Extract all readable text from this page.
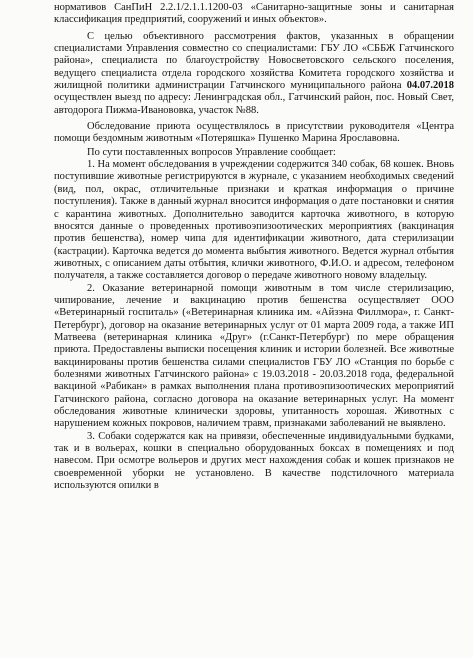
нормативов СанПиН 2.2.1/2.1.1.1200-03 «Санитарно-защитные зоны и санитарная классификация предприятий, сооружений и иных объектов».

С целью объективного рассмотрения фактов, указанных в обращении специалистами Управления совместно со специалистами: ГБУ ЛО «СББЖ Гатчинского района», специалиста по благоустройству Новосветовского сельского поселения, ведущего специалиста отдела городского хозяйства Комитета городского хозяйства и жилищной политики администрации Гатчинского муниципального района 04.07.2018 осуществлен выезд по адресу: Ленинградская обл., Гатчинский район, пос. Новый Свет, автодорога Пижма-Иванововка, участок №88.

Обследование приюта осуществлялось в присутствии руководителя «Центра помощи бездомным животным «Потеряшка» Пушенко Марина Ярославовна.

По сути поставленных вопросов Управление сообщает:

1. На момент обследования в учреждении содержится 340 собак, 68 кошек. Вновь поступившие животные регистрируются в журнале, с указанием необходимых сведений (вид, пол, окрас, отличительные признаки и краткая информация о причине поступления). Также в данный журнал вносится информация о дате постановки и снятия с карантина животных. Дополнительно заводится карточка животного, в которую вносятся данные о проведенных противоэпизоотических мероприятиях (вакцинация против бешенства), номер чипа для идентификации животного, дата стерилизации (кастрации). Карточка ведется до момента выбытия животного. Ведется журнал отбытия животных, с описанием даты отбытия, клички животного, Ф.И.О. и адресом, телефоном получателя, а также составляется договор о передаче животного новому владельцу.

2. Оказание ветеринарной помощи животным в том числе стерилизацию, чипирование, лечение и вакцинацию против бешенства осуществляет ООО «Ветеринарный госпиталь» («Ветеринарная клиника им. «Айзэна Филлмора», г. Санкт-Петербург), договор на оказание ветеринарных услуг от 01 марта 2009 года, а также ИП Матвеева (ветеринарная клиника «Друг» (г.Санкт-Петербург) по мере обращения приюта. Предоставлены выписки посещения клиник и истории болезней. Все животные вакцинированы против бешенства силами специалистов ГБУ ЛО «Станция по борьбе с болезнями животных Гатчинского района» с 19.03.2018 - 20.03.2018 года, федеральной вакциной «Рабикан» в рамках выполнения плана противоэпизоотических мероприятий Гатчинского района, согласно договора на оказание ветеринарных услуг. На момент обследования животные клинически здоровы, упитанность хорошая. Животных с нарушением кожных покровов, наличием травм, признаками заболеваний не выявлено.

3. Собаки содержатся как на привязи, обеспеченные индивидуальными будками, так и в вольерах, кошки в специально оборудованных боксах в помещениях и под навесом. При осмотре вольеров и других мест нахождения собак и кошек признаков не своевременной уборки не установлено. В качестве подстилочного материала используются опилки в
